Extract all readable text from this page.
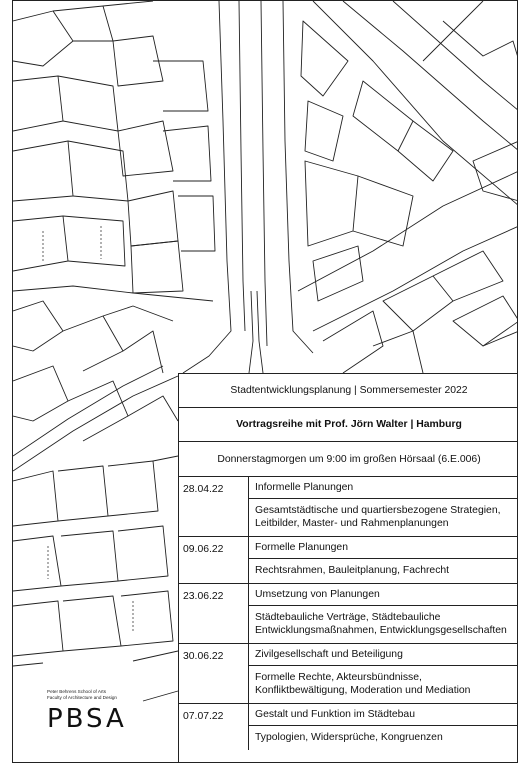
Stadtentwicklungsplanung | Sommersemester 2022
Vortragsreihe mit Prof. Jörn Walter | Hamburg
Donnerstagmorgen um 9:00 im großen Hörsaal (6.E.006)
28.04.22	Informelle Planungen
Gesamtstädtische und quartiersbezogene Strategien, Leitbilder, Master- und Rahmenplanungen
09.06.22	Formelle Planungen
Rechtsrahmen, Bauleitplanung, Fachrecht
23.06.22	Umsetzung von Planungen
Städtebauliche Verträge, Städtebauliche Entwicklungsmaßnahmen, Entwicklungsgesellschaften
30.06.22	Zivilgesellschaft und Beteiligung
Formelle Rechte, Akteursbündnisse, Konfliktbewältigung, Moderation und Mediation
07.07.22	Gestalt und Funktion im Städtebau
Typologien, Widersprüche, Kongruenzen
Peter Behrens School of Arts
Faculty of Architecture and Design
PBSA
